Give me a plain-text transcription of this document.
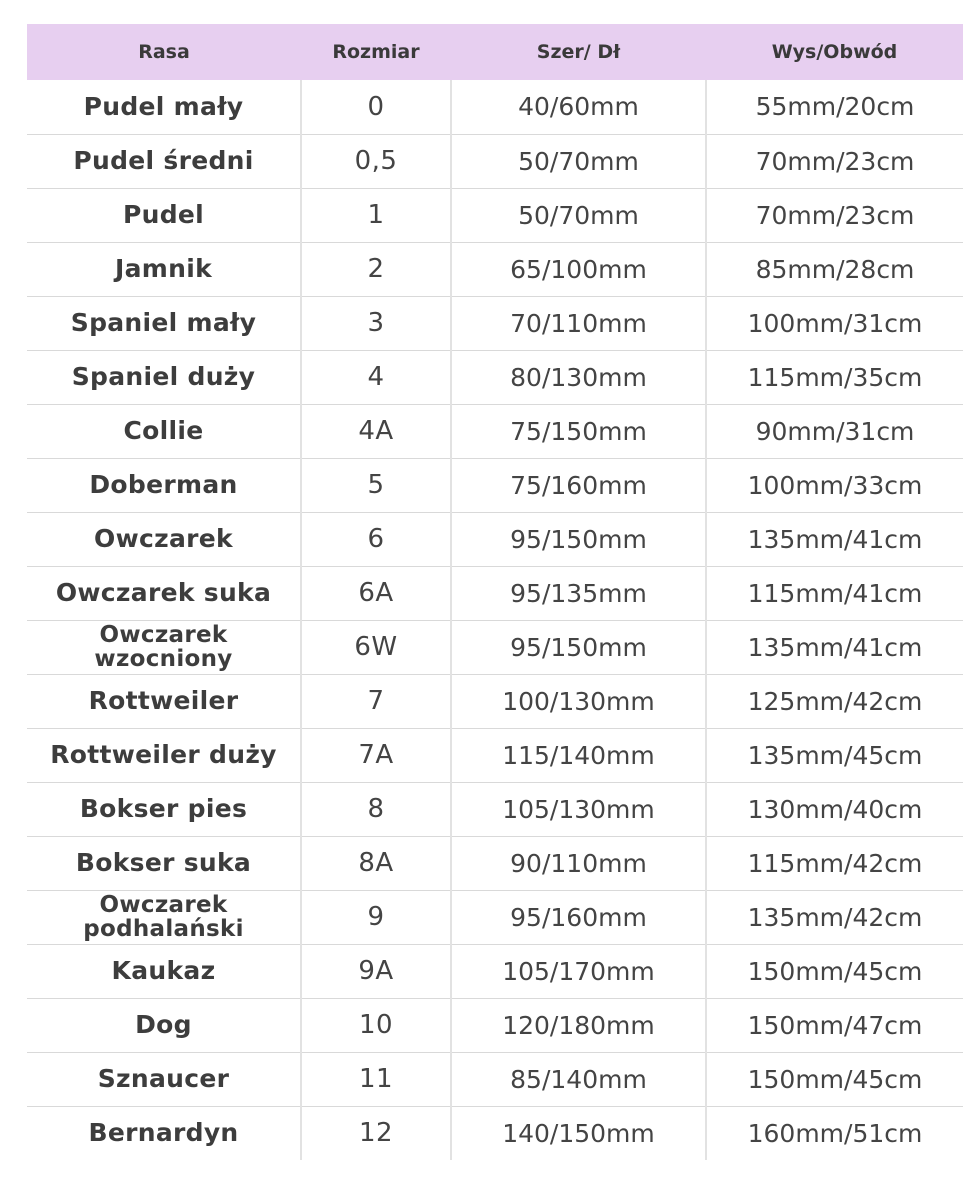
Rasa	Rozmiar	Szer/ Dł	Wys/Obwód
Pudel mały	0	40/60mm	55mm/20cm
Pudel średni	0,5	50/70mm	70mm/23cm
Pudel	1	50/70mm	70mm/23cm
Jamnik	2	65/100mm	85mm/28cm
Spaniel mały	3	70/110mm	100mm/31cm
Spaniel duży	4	80/130mm	115mm/35cm
Collie	4A	75/150mm	90mm/31cm
Doberman	5	75/160mm	100mm/33cm
Owczarek	6	95/150mm	135mm/41cm
Owczarek suka	6A	95/135mm	115mm/41cm
Owczarek wzocniony	6W	95/150mm	135mm/41cm
Rottweiler	7	100/130mm	125mm/42cm
Rottweiler duży	7A	115/140mm	135mm/45cm
Bokser pies	8	105/130mm	130mm/40cm
Bokser suka	8A	90/110mm	115mm/42cm
Owczarek podhalański	9	95/160mm	135mm/42cm
Kaukaz	9A	105/170mm	150mm/45cm
Dog	10	120/180mm	150mm/47cm
Sznaucer	11	85/140mm	150mm/45cm
Bernardyn	12	140/150mm	160mm/51cm
